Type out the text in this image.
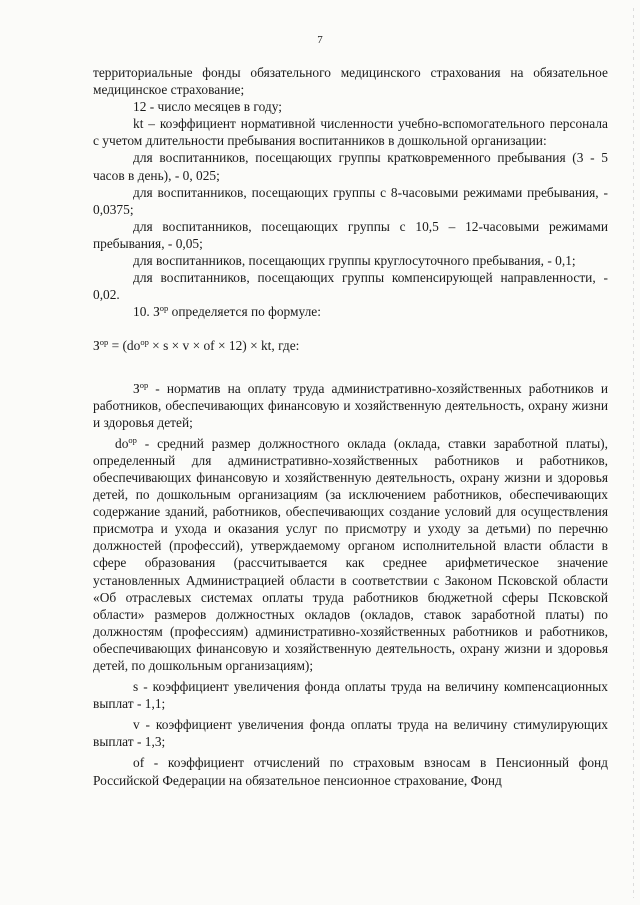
7

территориальные фонды обязательного медицинского страхования на обязательное медицинское страхование;

12 - число месяцев в году;

kt – коэффициент нормативной численности учебно-вспомогательного персонала с учетом длительности пребывания воспитанников в дошкольной организации:

для воспитанников, посещающих группы кратковременного пребывания (3 - 5 часов в день), - 0, 025;

для воспитанников, посещающих группы с 8-часовыми режимами пребывания, - 0,0375;

для воспитанников, посещающих группы с 10,5 – 12-часовыми режимами пребывания, - 0,05;

для воспитанников, посещающих группы круглосуточного пребывания, - 0,1;

для воспитанников, посещающих группы компенсирующей направленности, - 0,02.

10. $З^{ор}$ определяется по формуле:

$З^{ор} = (do^{ор} \times s \times v$ × of × 12) × kt, где:

$З^{ор}$ - норматив на оплату труда административно-хозяйственных работников и работников, обеспечивающих финансовую и хозяйственную деятельность, охрану жизни и здоровья детей;

$do^{ор}$ - средний размер должностного оклада (оклада, ставки заработной платы), определенный для административно-хозяйственных работников и работников, обеспечивающих финансовую и хозяйственную деятельность, охрану жизни и здоровья детей, по дошкольным организациям (за исключением работников, обеспечивающих содержание зданий, работников, обеспечивающих создание условий для осуществления присмотра и ухода и оказания услуг по присмотру и уходу за детьми) по перечню должностей (профессий), утверждаемому органом исполнительной власти области в сфере образования (рассчитывается как среднее арифметическое значение установленных Администрацией области в соответствии с Законом Псковской области «Об отраслевых системах оплаты труда работников бюджетной сферы Псковской области» размеров должностных окладов (окладов, ставок заработной платы) по должностям (профессиям) административно-хозяйственных работников и работников, обеспечивающих финансовую и хозяйственную деятельность, охрану жизни и здоровья детей, по дошкольным организациям);

s - коэффициент увеличения фонда оплаты труда на величину компенсационных выплат - 1,1;

v - коэффициент увеличения фонда оплаты труда на величину стимулирующих выплат - 1,3;

of - коэффициент отчислений по страховым взносам в Пенсионный фонд Российской Федерации на обязательное пенсионное страхование, Фонд
